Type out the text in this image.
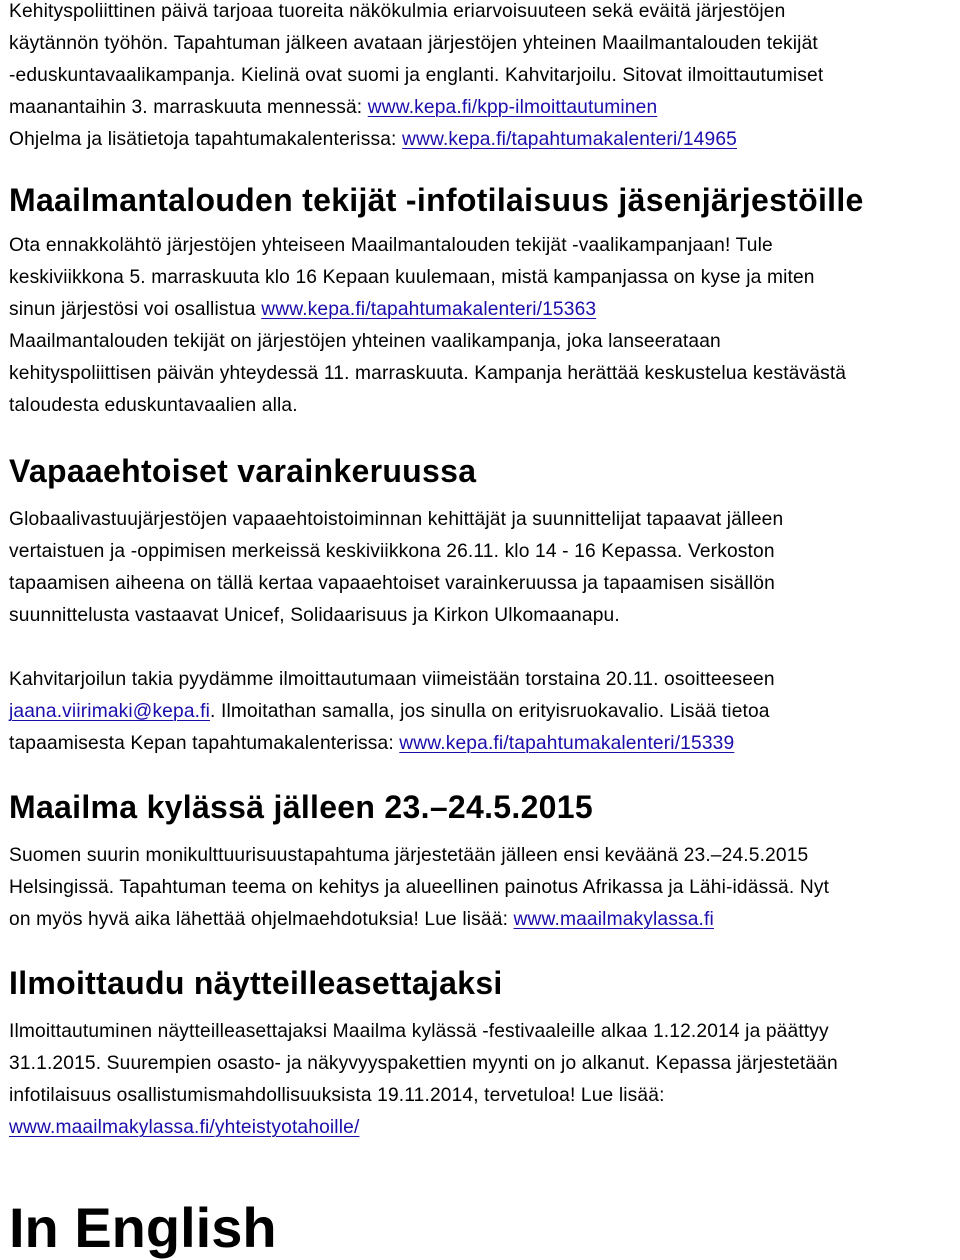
Kehityspoliittinen päivä tarjoaa tuoreita näkökulmia eriarvoisuuteen sekä eväitä järjestöjen
käytännön työhön. Tapahtuman jälkeen avataan järjestöjen yhteinen Maailmantalouden tekijät
-eduskuntavaalikampanja. Kielinä ovat suomi ja englanti. Kahvitarjoilu. Sitovat ilmoittautumiset
maanantaihin 3. marraskuuta mennessä: www.kepa.fi/kpp-ilmoittautuminen
Ohjelma ja lisätietoja tapahtumakalenterissa: www.kepa.fi/tapahtumakalenteri/14965

Maailmantalouden tekijät -infotilaisuus jäsenjärjestöille

Ota ennakkolähtö järjestöjen yhteiseen Maailmantalouden tekijät -vaalikampanjaan! Tule
keskiviikkona 5. marraskuuta klo 16 Kepaan kuulemaan, mistä kampanjassa on kyse ja miten
sinun järjestösi voi osallistua www.kepa.fi/tapahtumakalenteri/15363
Maailmantalouden tekijät on järjestöjen yhteinen vaalikampanja, joka lanseerataan
kehityspoliittisen päivän yhteydessä 11. marraskuuta. Kampanja herättää keskustelua kestävästä
taloudesta eduskuntavaalien alla.

Vapaaehtoiset varainkeruussa

Globaalivastuujärjestöjen vapaaehtoistoiminnan kehittäjät ja suunnittelijat tapaavat jälleen
vertaistuen ja -oppimisen merkeissä keskiviikkona 26.11. klo 14 - 16 Kepassa. Verkoston
tapaamisen aiheena on tällä kertaa vapaaehtoiset varainkeruussa ja tapaamisen sisällön
suunnittelusta vastaavat Unicef, Solidaarisuus ja Kirkon Ulkomaanapu.

Kahvitarjoilun takia pyydämme ilmoittautumaan viimeistään torstaina 20.11. osoitteeseen
jaana.viirimaki@kepa.fi. Ilmoitathan samalla, jos sinulla on erityisruokavalio. Lisää tietoa
tapaamisesta Kepan tapahtumakalenterissa: www.kepa.fi/tapahtumakalenteri/15339

Maailma kylässä jälleen 23.–24.5.2015

Suomen suurin monikulttuurisuustapahtuma järjestetään jälleen ensi keväänä 23.–24.5.2015
Helsingissä. Tapahtuman teema on kehitys ja alueellinen painotus Afrikassa ja Lähi-idässä. Nyt
on myös hyvä aika lähettää ohjelmaehdotuksia! Lue lisää: www.maailmakylassa.fi

Ilmoittaudu näytteilleasettajaksi

Ilmoittautuminen näytteilleasettajaksi Maailma kylässä -festivaaleille alkaa 1.12.2014 ja päättyy
31.1.2015. Suurempien osasto- ja näkyvyyspakettien myynti on jo alkanut. Kepassa järjestetään
infotilaisuus osallistumismahdollisuuksista 19.11.2014, tervetuloa! Lue lisää:
www.maailmakylassa.fi/yhteistyotahoille/

In English
